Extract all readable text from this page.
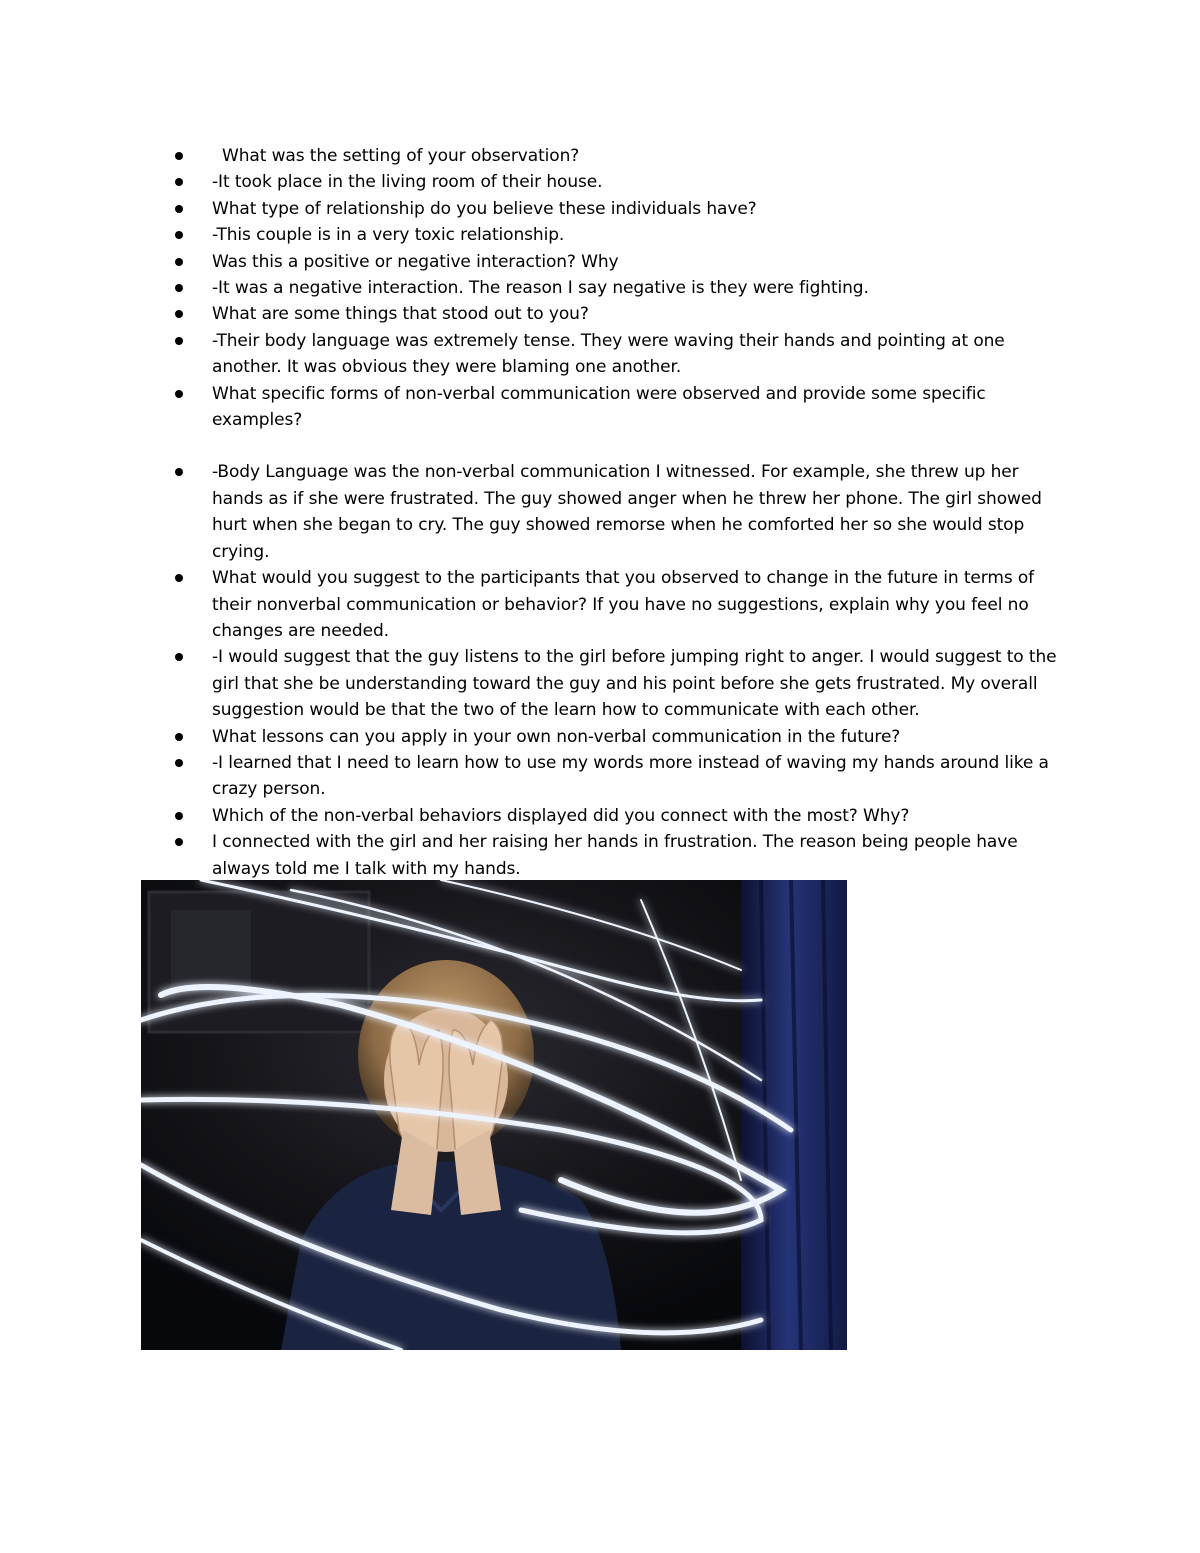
What was the setting of your observation?
-It took place in the living room of their house.
What type of relationship do you believe these individuals have?
-This couple is in a very toxic relationship.
Was this a positive or negative interaction? Why
-It was a negative interaction. The reason I say negative is they were fighting.
What are some things that stood out to you?
-Their body language was extremely tense. They were waving their hands and pointing at one another. It was obvious they were blaming one another.
What specific forms of non-verbal communication were observed and provide some specific examples?
-Body Language was the non-verbal communication I witnessed. For example, she threw up her hands as if she were frustrated. The guy showed anger when he threw her phone. The girl showed hurt when she began to cry. The guy showed remorse when he comforted her so she would stop crying.
What would you suggest to the participants that you observed to change in the future in terms of their nonverbal communication or behavior? If you have no suggestions, explain why you feel no changes are needed.
-I would suggest that the guy listens to the girl before jumping right to anger. I would suggest to the girl that she be understanding toward the guy and his point before she gets frustrated. My overall suggestion would be that the two of the learn how to communicate with each other.
What lessons can you apply in your own non-verbal communication in the future?
-I learned that I need to learn how to use my words more instead of waving my hands around like a crazy person.
Which of the non-verbal behaviors displayed did you connect with the most? Why?
I connected with the girl and her raising her hands in frustration. The reason being people have always told me I talk with my hands.
